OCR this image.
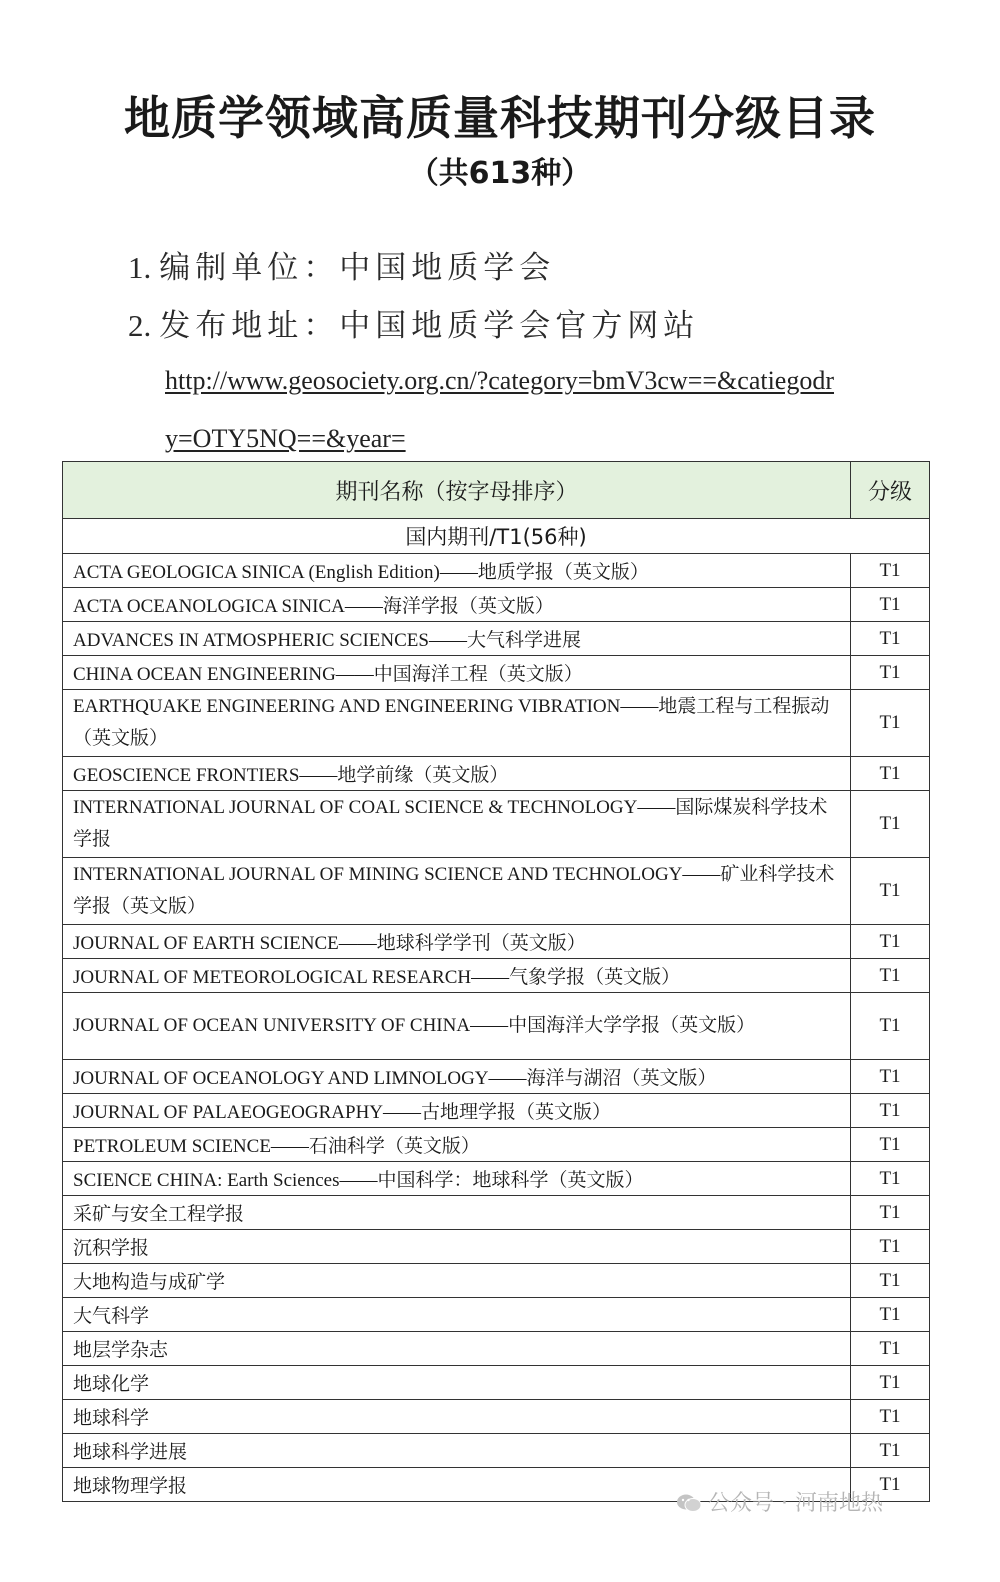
地质学领域高质量科技期刊分级目录
（共613种）
1. 编制单位：中国地质学会
2. 发布地址：中国地质学会官方网站
http://www.geosociety.org.cn/?category=bmV3cw==&catiegodr
y=OTY5NQ==&year=
期刊名称（按字母排序）	分级
国内期刊/T1(56种)	
ACTA GEOLOGICA SINICA (English Edition)——地质学报（英文版）	T1
ACTA OCEANOLOGICA SINICA——海洋学报（英文版）	T1
ADVANCES IN ATMOSPHERIC SCIENCES——大气科学进展	T1
CHINA OCEAN ENGINEERING——中国海洋工程（英文版）	T1
EARTHQUAKE ENGINEERING AND ENGINEERING VIBRATION——地震工程与工程振动（英文版）	T1
GEOSCIENCE FRONTIERS——地学前缘（英文版）	T1
INTERNATIONAL JOURNAL OF COAL SCIENCE & TECHNOLOGY——国际煤炭科学技术学报	T1
INTERNATIONAL JOURNAL OF MINING SCIENCE AND TECHNOLOGY——矿业科学技术学报（英文版）	T1
JOURNAL OF EARTH SCIENCE——地球科学学刊（英文版）	T1
JOURNAL OF METEOROLOGICAL RESEARCH——气象学报（英文版）	T1
JOURNAL OF OCEAN UNIVERSITY OF CHINA——中国海洋大学学报（英文版）	T1
JOURNAL OF OCEANOLOGY AND LIMNOLOGY——海洋与湖沼（英文版）	T1
JOURNAL OF PALAEOGEOGRAPHY——古地理学报（英文版）	T1
PETROLEUM SCIENCE——石油科学（英文版）	T1
SCIENCE CHINA: Earth Sciences——中国科学：地球科学（英文版）	T1
采矿与安全工程学报	T1
沉积学报	T1
大地构造与成矿学	T1
大气科学	T1
地层学杂志	T1
地球化学	T1
地球科学	T1
地球科学进展	T1
地球物理学报	T1
公众号 · 河南地热
